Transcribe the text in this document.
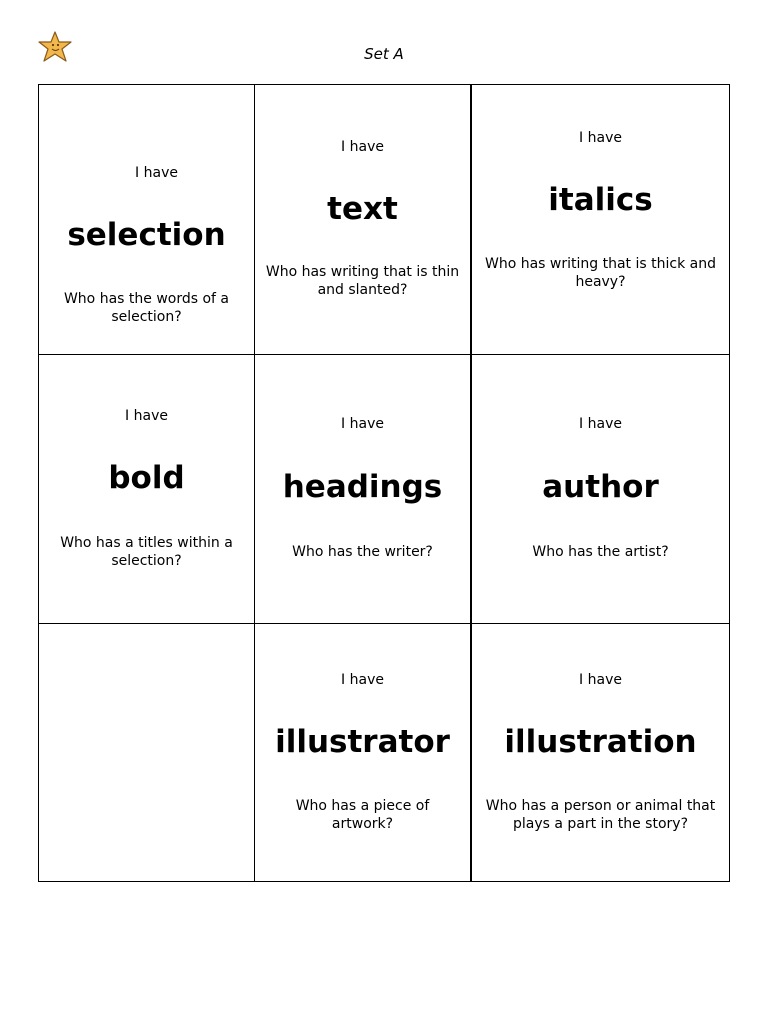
Set A
I have
selection
Who has the words of a selection?
I have
text
Who has writing that is thin and slanted?
I have
italics
Who has writing that is thick and heavy?
I have
bold
Who has a titles within a selection?
I have
headings
Who has the writer?
I have
author
Who has the artist?
I have
illustrator
Who has a piece of artwork?
I have
illustration
Who has a person or animal that plays a part in the story?
